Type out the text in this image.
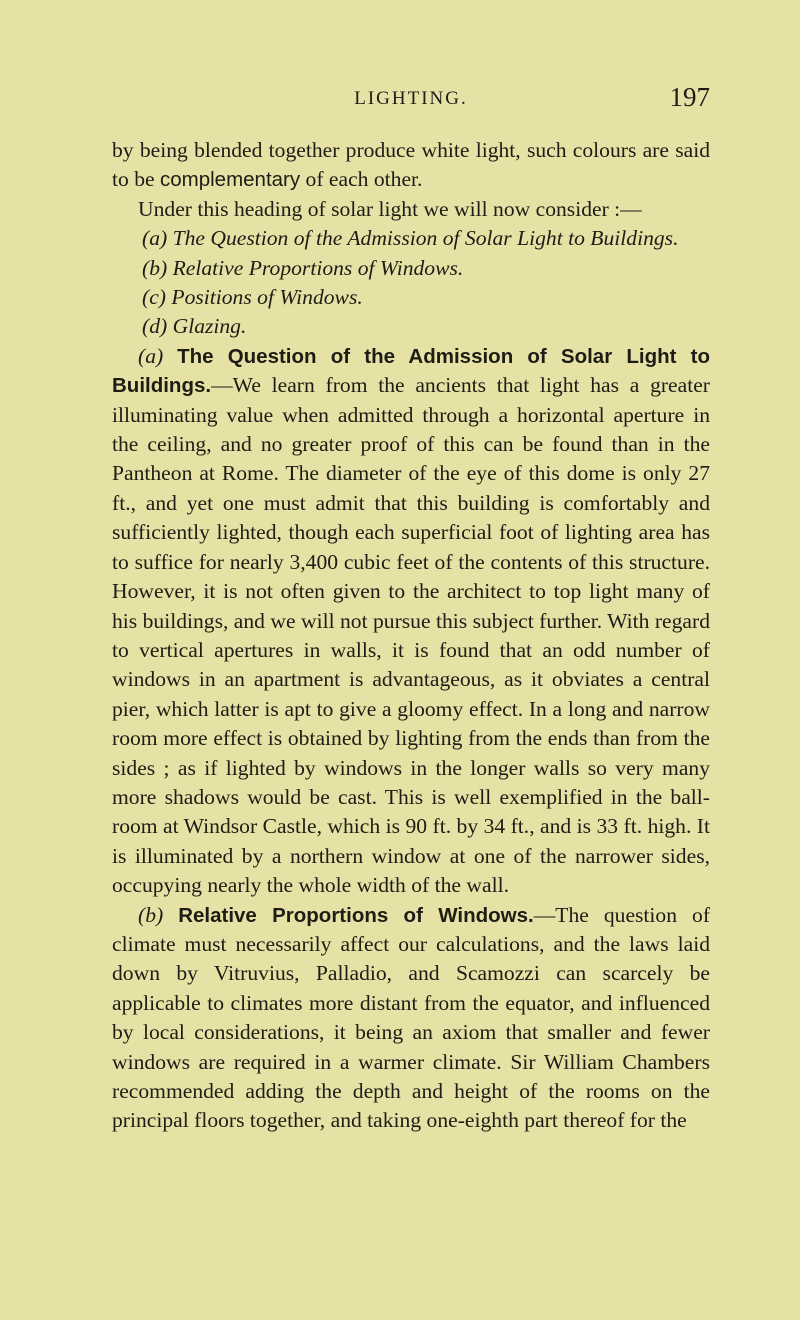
LIGHTING.	197

by being blended together produce white light, such colours are said to be complementary of each other.

Under this heading of solar light we will now consider :—

(a) The Question of the Admission of Solar Light to Buildings.
(b) Relative Proportions of Windows.
(c) Positions of Windows.
(d) Glazing.

(a) The Question of the Admission of Solar Light to Buildings.—We learn from the ancients that light has a greater illuminating value when admitted through a horizontal aperture in the ceiling, and no greater proof of this can be found than in the Pantheon at Rome. The diameter of the eye of this dome is only 27 ft., and yet one must admit that this building is comfortably and sufficiently lighted, though each superficial foot of lighting area has to suffice for nearly 3,400 cubic feet of the contents of this structure. However, it is not often given to the architect to top light many of his buildings, and we will not pursue this subject further. With regard to vertical apertures in walls, it is found that an odd number of windows in an apartment is advantageous, as it obviates a central pier, which latter is apt to give a gloomy effect. In a long and narrow room more effect is obtained by lighting from the ends than from the sides ; as if lighted by windows in the longer walls so very many more shadows would be cast. This is well exemplified in the ball-room at Windsor Castle, which is 90 ft. by 34 ft., and is 33 ft. high. It is illuminated by a northern window at one of the narrower sides, occupying nearly the whole width of the wall.

(b) Relative Proportions of Windows.—The question of climate must necessarily affect our calculations, and the laws laid down by Vitruvius, Palladio, and Scamozzi can scarcely be applicable to climates more distant from the equator, and influenced by local considerations, it being an axiom that smaller and fewer windows are required in a warmer climate. Sir William Chambers recommended adding the depth and height of the rooms on the principal floors together, and taking one-eighth part thereof for the
